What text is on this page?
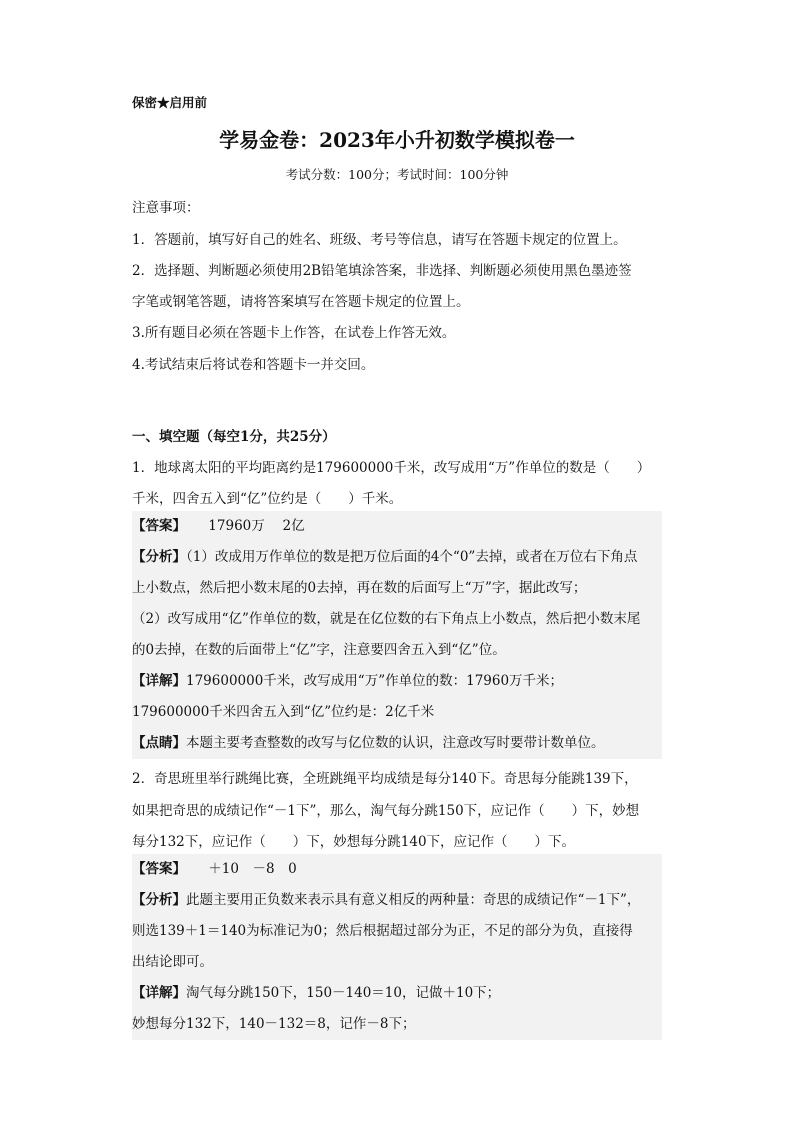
保密★启用前
学易金卷：2023年小升初数学模拟卷一
考试分数：100分；考试时间：100分钟
注意事项：
1．答题前，填写好自己的姓名、班级、考号等信息，请写在答题卡规定的位置上。
2．选择题、判断题必须使用2B铅笔填涂答案，非选择、判断题必须使用黑色墨迹签
字笔或钢笔答题，请将答案填写在答题卡规定的位置上。
3.所有题目必须在答题卡上作答，在试卷上作答无效。
4.考试结束后将试卷和答题卡一并交回。
一、填空题（每空1分，共25分）
1．地球离太阳的平均距离约是179600000千米，改写成用“万”作单位的数是（　　）
千米，四舍五入到“亿”位约是（　　）千米。
【答案】 17960万　 2亿
【分析】（1）改成用万作单位的数是把万位后面的4个“0”去掉，或者在万位右下角点
上小数点，然后把小数末尾的0去掉，再在数的后面写上“万”字，据此改写；
（2）改写成用“亿”作单位的数，就是在亿位数的右下角点上小数点，然后把小数末尾
的0去掉，在数的后面带上“亿”字，注意要四舍五入到“亿”位。
【详解】179600000千米，改写成用“万”作单位的数：17960万千米；
179600000千米四舍五入到“亿”位约是：2亿千米
【点睛】本题主要考查整数的改写与亿位数的认识，注意改写时要带计数单位。
2．奇思班里举行跳绳比赛，全班跳绳平均成绩是每分140下。奇思每分能跳139下，
如果把奇思的成绩记作“－1下”，那么，淘气每分跳150下，应记作（　　）下，妙想
每分132下，应记作（　　）下，妙想每分跳140下，应记作（　　）下。
【答案】 ＋10　－8　0
【分析】此题主要用正负数来表示具有意义相反的两种量：奇思的成绩记作“－1下”，
则选139＋1＝140为标准记为0；然后根据超过部分为正，不足的部分为负，直接得
出结论即可。
【详解】淘气每分跳150下，150－140＝10，记做＋10下；
妙想每分132下，140－132＝8，记作－8下；
